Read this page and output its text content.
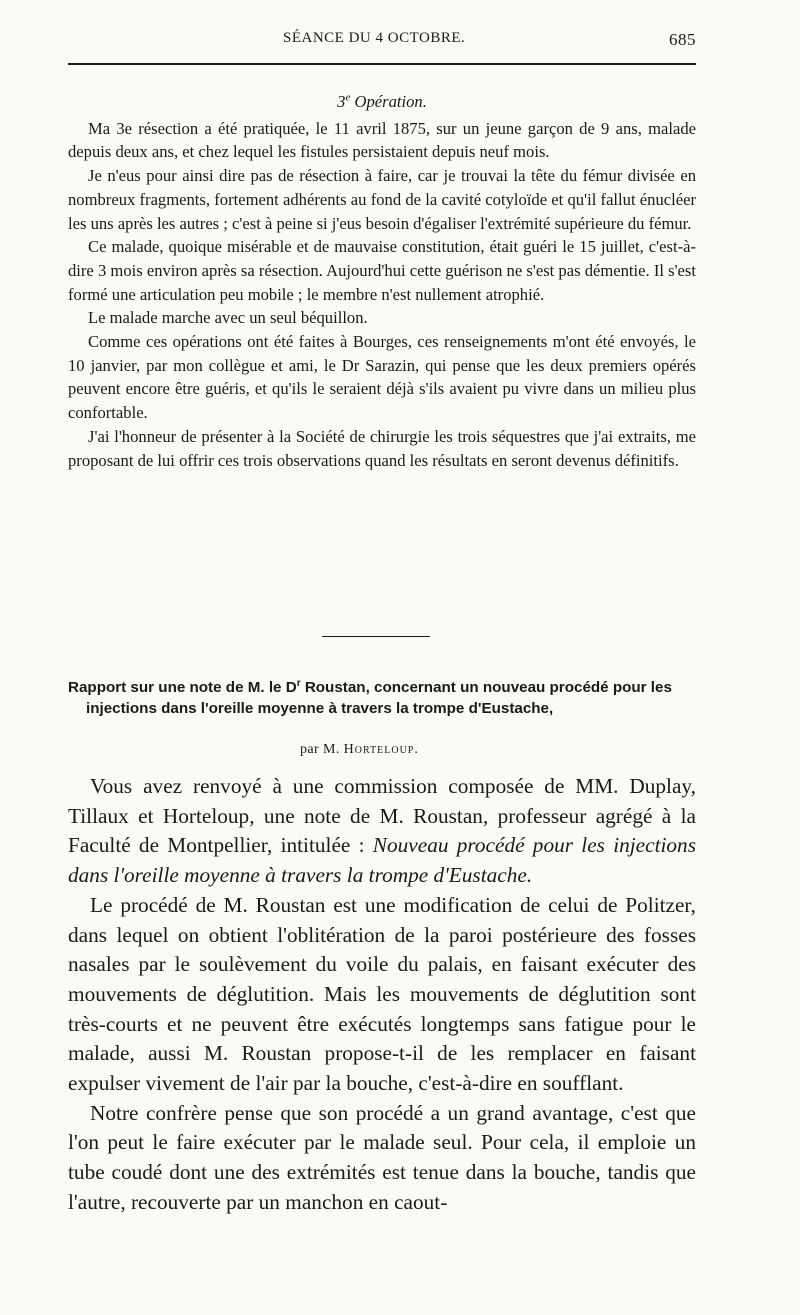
SÉANCE DU 4 OCTOBRE.	685
3e Opération.

Ma 3e résection a été pratiquée, le 11 avril 1875, sur un jeune garçon de 9 ans, malade depuis deux ans, et chez lequel les fistules persistaient depuis neuf mois.

Je n'eus pour ainsi dire pas de résection à faire, car je trouvai la tête du fémur divisée en nombreux fragments, fortement adhérents au fond de la cavité cotyloïde et qu'il fallut énucléer les uns après les autres ; c'est à peine si j'eus besoin d'égaliser l'extrémité supérieure du fémur.

Ce malade, quoique misérable et de mauvaise constitution, était guéri le 15 juillet, c'est-à-dire 3 mois environ après sa résection. Aujourd'hui cette guérison ne s'est pas démentie. Il s'est formé une articulation peu mobile ; le membre n'est nullement atrophié.

Le malade marche avec un seul béquillon.

Comme ces opérations ont été faites à Bourges, ces renseignements m'ont été envoyés, le 10 janvier, par mon collègue et ami, le Dr Sarazin, qui pense que les deux premiers opérés peuvent encore être guéris, et qu'ils le seraient déjà s'ils avaient pu vivre dans un milieu plus confortable.

J'ai l'honneur de présenter à la Société de chirurgie les trois séquestres que j'ai extraits, me proposant de lui offrir ces trois observations quand les résultats en seront devenus définitifs.

Rapport sur une note de M. le $D^r$ Roustan, concernant un nouveau procédé pour les injections dans l'oreille moyenne à travers la trompe d'Eustache,
par M. Horteloup.

Vous avez renvoyé à une commission composée de MM. Duplay, Tillaux et Horteloup, une note de M. Roustan, professeur agrégé à la Faculté de Montpellier, intitulée : Nouveau procédé pour les injections dans l'oreille moyenne à travers la trompe d'Eustache.

Le procédé de M. Roustan est une modification de celui de Politzer, dans lequel on obtient l'oblitération de la paroi postérieure des fosses nasales par le soulèvement du voile du palais, en faisant exécuter des mouvements de déglutition. Mais les mouvements de déglutition sont très-courts et ne peuvent être exécutés longtemps sans fatigue pour le malade, aussi M. Roustan propose-t-il de les remplacer en faisant expulser vivement de l'air par la bouche, c'est-à-dire en soufflant.

Notre confrère pense que son procédé a un grand avantage, c'est que l'on peut le faire exécuter par le malade seul. Pour cela, il emploie un tube coudé dont une des extrémités est tenue dans la bouche, tandis que l'autre, recouverte par un manchon en caout-
